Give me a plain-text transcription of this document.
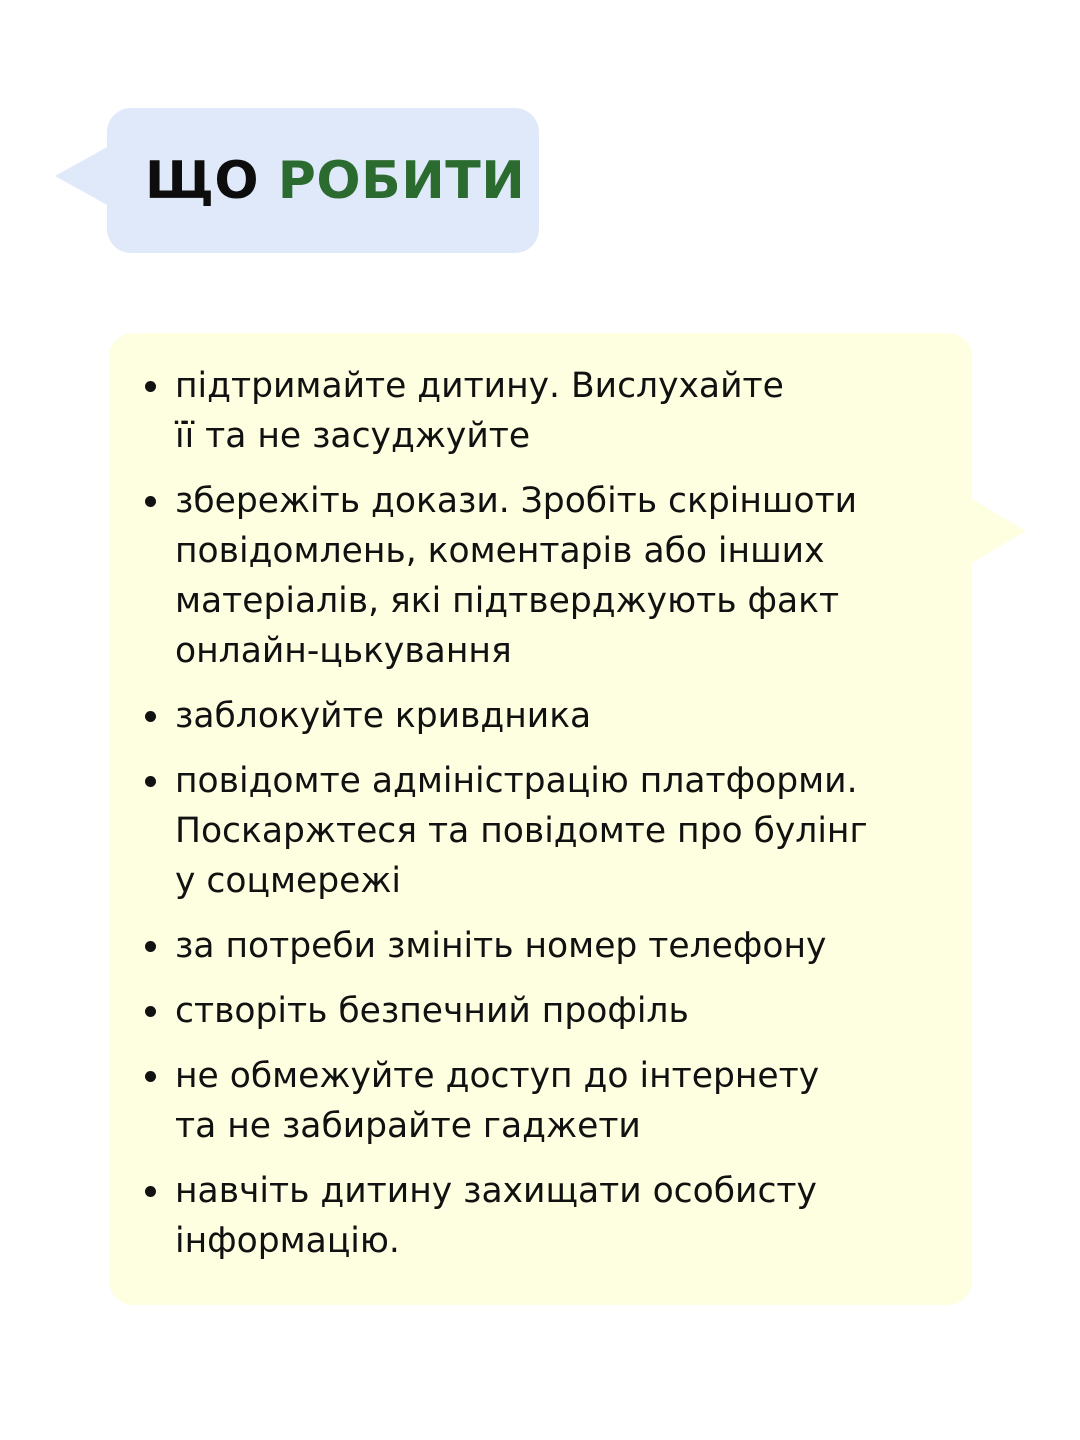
ЩО РОБИТИ
підтримайте дитину. Вислухайте
її та не засуджуйте
збережіть докази. Зробіть скріншоти
повідомлень, коментарів або інших
матеріалів, які підтверджують факт
онлайн-цькування
заблокуйте кривдника
повідомте адміністрацію платформи.
Поскаржтеся та повідомте про булінг
у соцмережі
за потреби змініть номер телефону
створіть безпечний профіль
не обмежуйте доступ до інтернету
та не забирайте гаджети
навчіть дитину захищати особисту
інформацію.
